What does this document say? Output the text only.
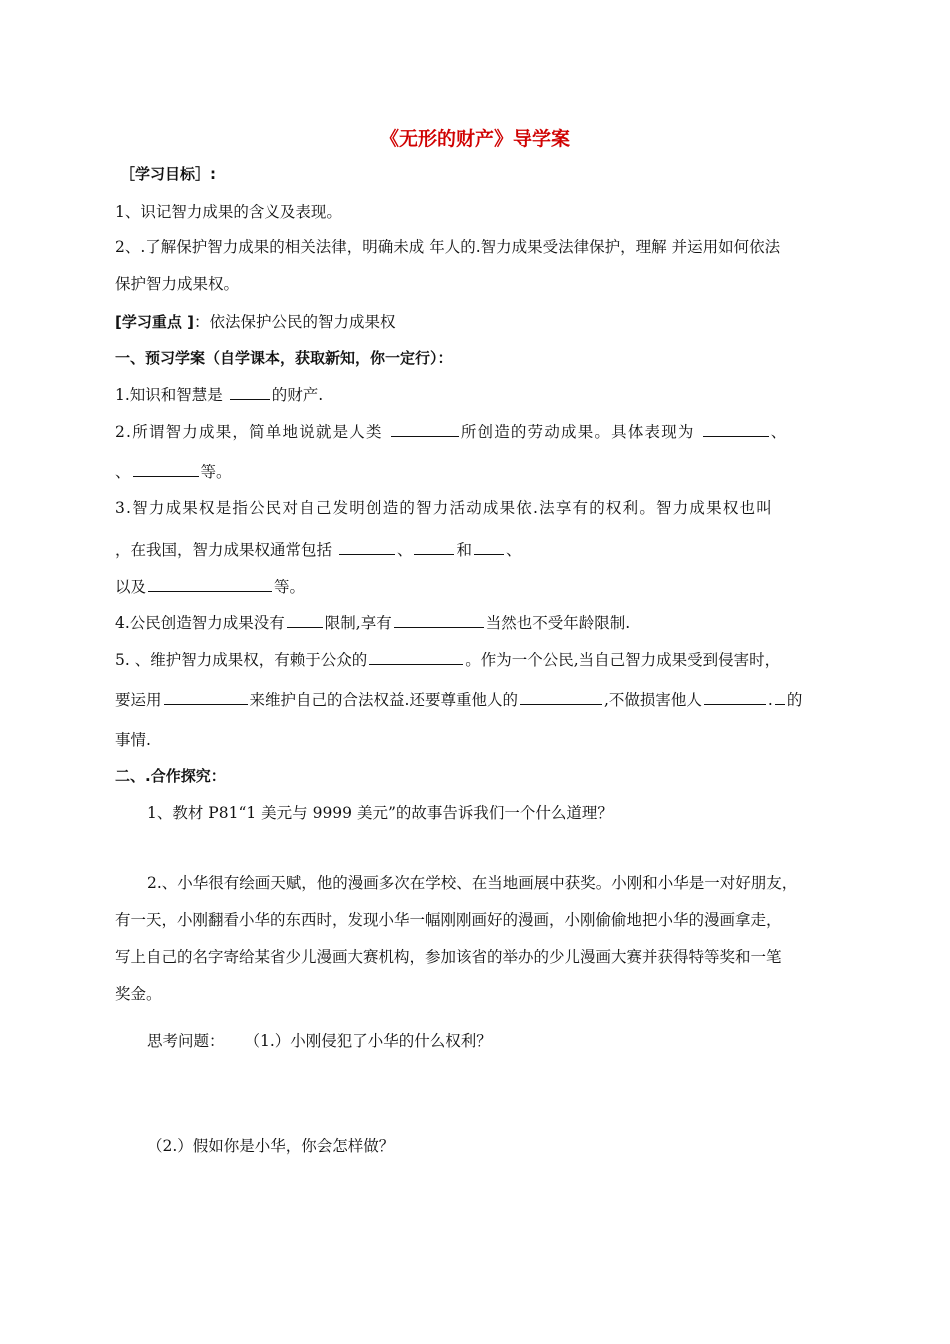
《无形的财产》导学案
［学习目标］:
1、识记智力成果的含义及表现。
2、.了解保护智力成果的相关法律，明确未成 年人的.智力成果受法律保护，理解 并运用如何依法
保护智力成果权。
[学习重点 ]：依法保护公民的智力成果权
一、预习学案（自学课本，获取新知，你一定行）：
1.知识和智慧是	的财产.
2.所谓智力成果，简单地说就是人类	所创造的劳动成果。具体表现为	、
、	等。
3.智力成果权是指公民对自己发明创造的智力活动成果依.法享有的权利。智力成果权也叫
，在我国，智力成果权通常包括	、	和 、
以及	等。
4.公民创造智力成果没有	限制,享有	当然也不受年龄限制.
5. 、维护智力成果权，有赖于公众的	。作为一个公民,当自己智力成果受到侵害时，
要运用	来维护自己的合法权益.还要尊重他人的	,不做损害他人	. 的
事情.
二、.合作探究：
1、教材 P81“1 美元与 9999 美元”的故事告诉我们一个什么道理？
2.、小华很有绘画天赋，他的漫画多次在学校、在当地画展中获奖。小刚和小华是一对好朋友，
有一天，小刚翻看小华的东西时，发现小华一幅刚刚画好的漫画，小刚偷偷地把小华的漫画拿走，
写上自己的名字寄给某省少儿漫画大赛机构，参加该省的举办的少儿漫画大赛并获得特等奖和一笔
奖金。
思考问题： （1.）小刚侵犯了小华的什么权利？
（2.）假如你是小华，你会怎样做？
